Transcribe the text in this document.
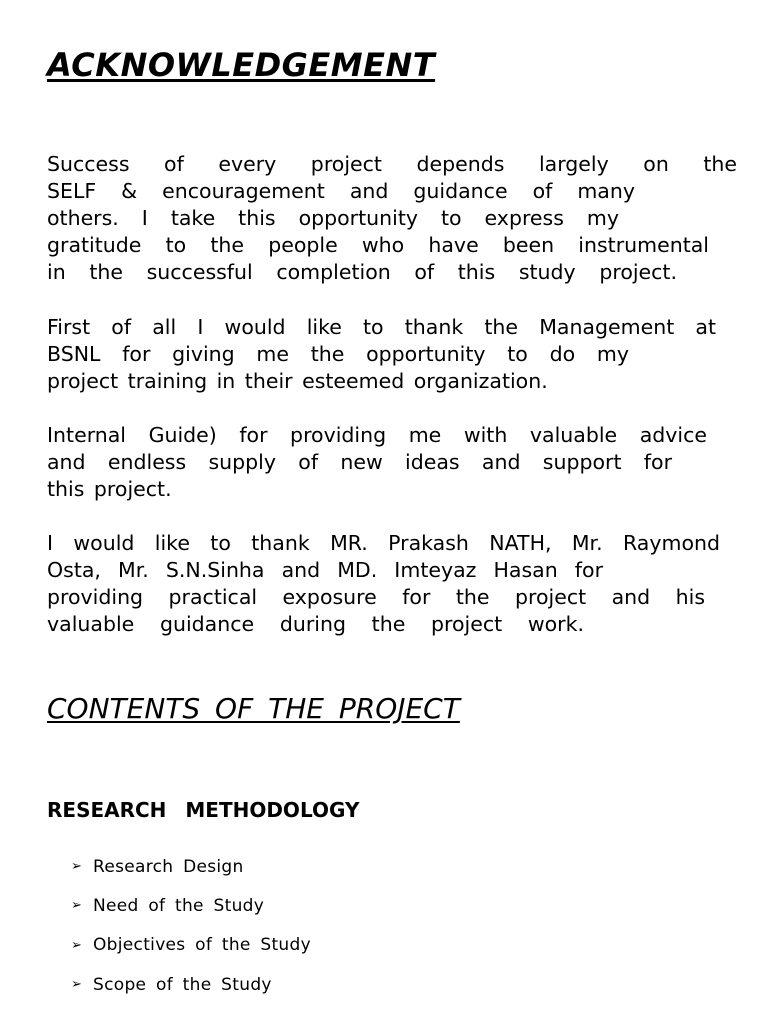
ACKNOWLEDGEMENT
Success of every project depends largely on the
SELF & encouragement and guidance of many
others. I take this opportunity to express my
gratitude to the people who have been instrumental
in the successful completion of this study project.
First of all I would like to thank the Management at
BSNL for giving me the opportunity to do my
project training in their esteemed organization.
Internal Guide) for providing me with valuable advice
and endless supply of new ideas and support for
this project.
I would like to thank MR. Prakash NATH, Mr. Raymond
Osta, Mr. S.N.Sinha and MD. Imteyaz Hasan for
providing practical exposure for the project and his
valuable guidance during the project work.
CONTENTS OF THE PROJECT
RESEARCH METHODOLOGY
➢ Research Design
➢ Need of the Study
➢ Objectives of the Study
➢ Scope of the Study
